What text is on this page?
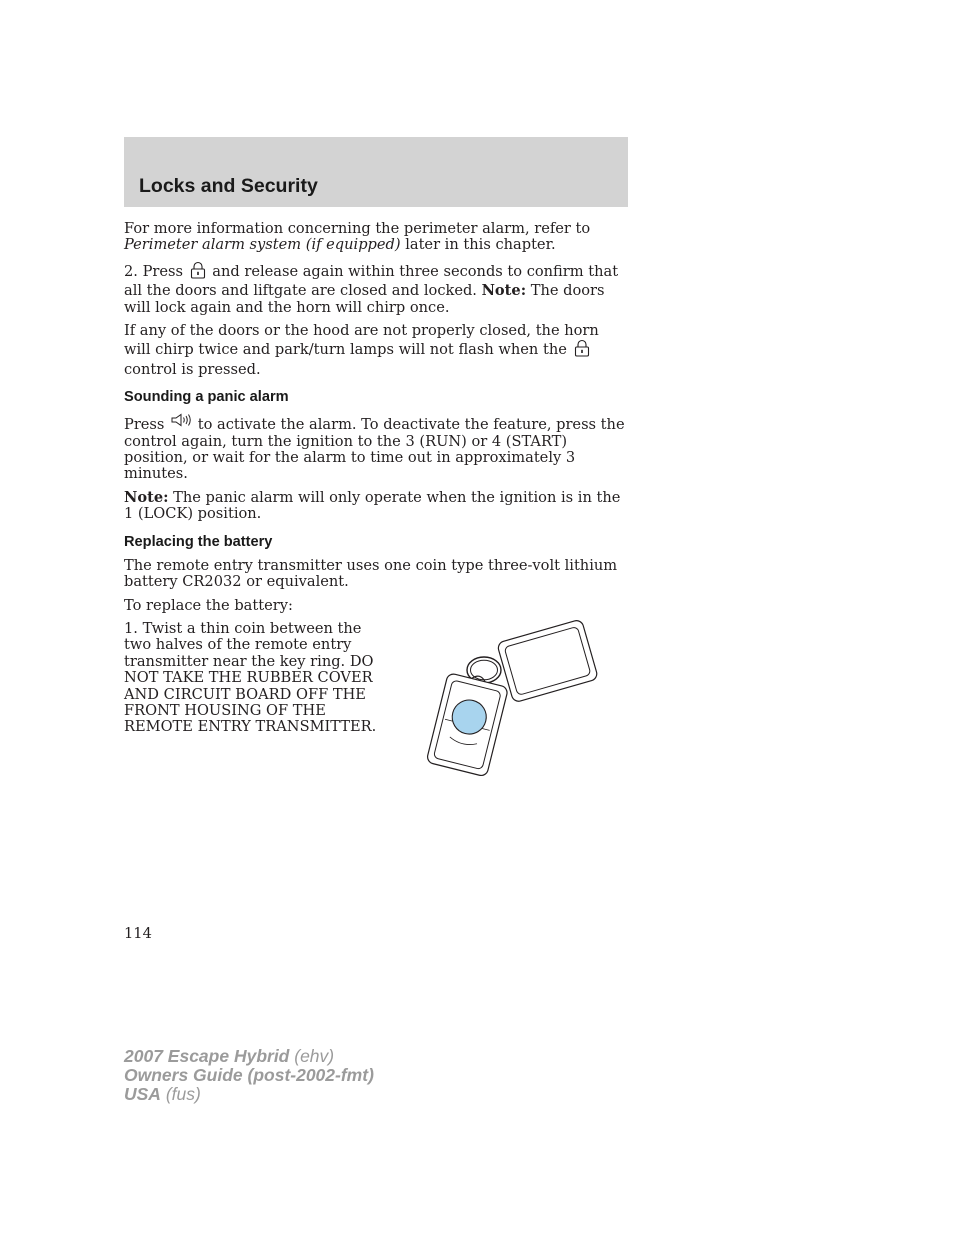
Locks and Security

For more information concerning the perimeter alarm, refer to
Perimeter alarm system (if equipped) later in this chapter.

2. Press and release again within three seconds to confirm that all the doors and liftgate are closed and locked. Note: The doors will lock again and the horn will chirp once.

If any of the doors or the hood are not properly closed, the horn will chirp twice and park/turn lamps will not flash when the  control is pressed.

Sounding a panic alarm

Press to activate the alarm. To deactivate the feature, press the control again, turn the ignition to the 3 (RUN) or 4 (START) position, or wait for the alarm to time out in approximately 3 minutes.

Note: The panic alarm will only operate when the ignition is in the 1 (LOCK) position.

Replacing the battery

The remote entry transmitter uses one coin type three-volt lithium battery CR2032 or equivalent.

To replace the battery:

1. Twist a thin coin between the two halves of the remote entry transmitter near the key ring. DO NOT TAKE THE RUBBER COVER AND CIRCUIT BOARD OFF THE FRONT HOUSING OF THE REMOTE ENTRY TRANSMITTER.

114
2007 Escape Hybrid (ehv)
Owners Guide (post-2002-fmt)
USA (fus)
